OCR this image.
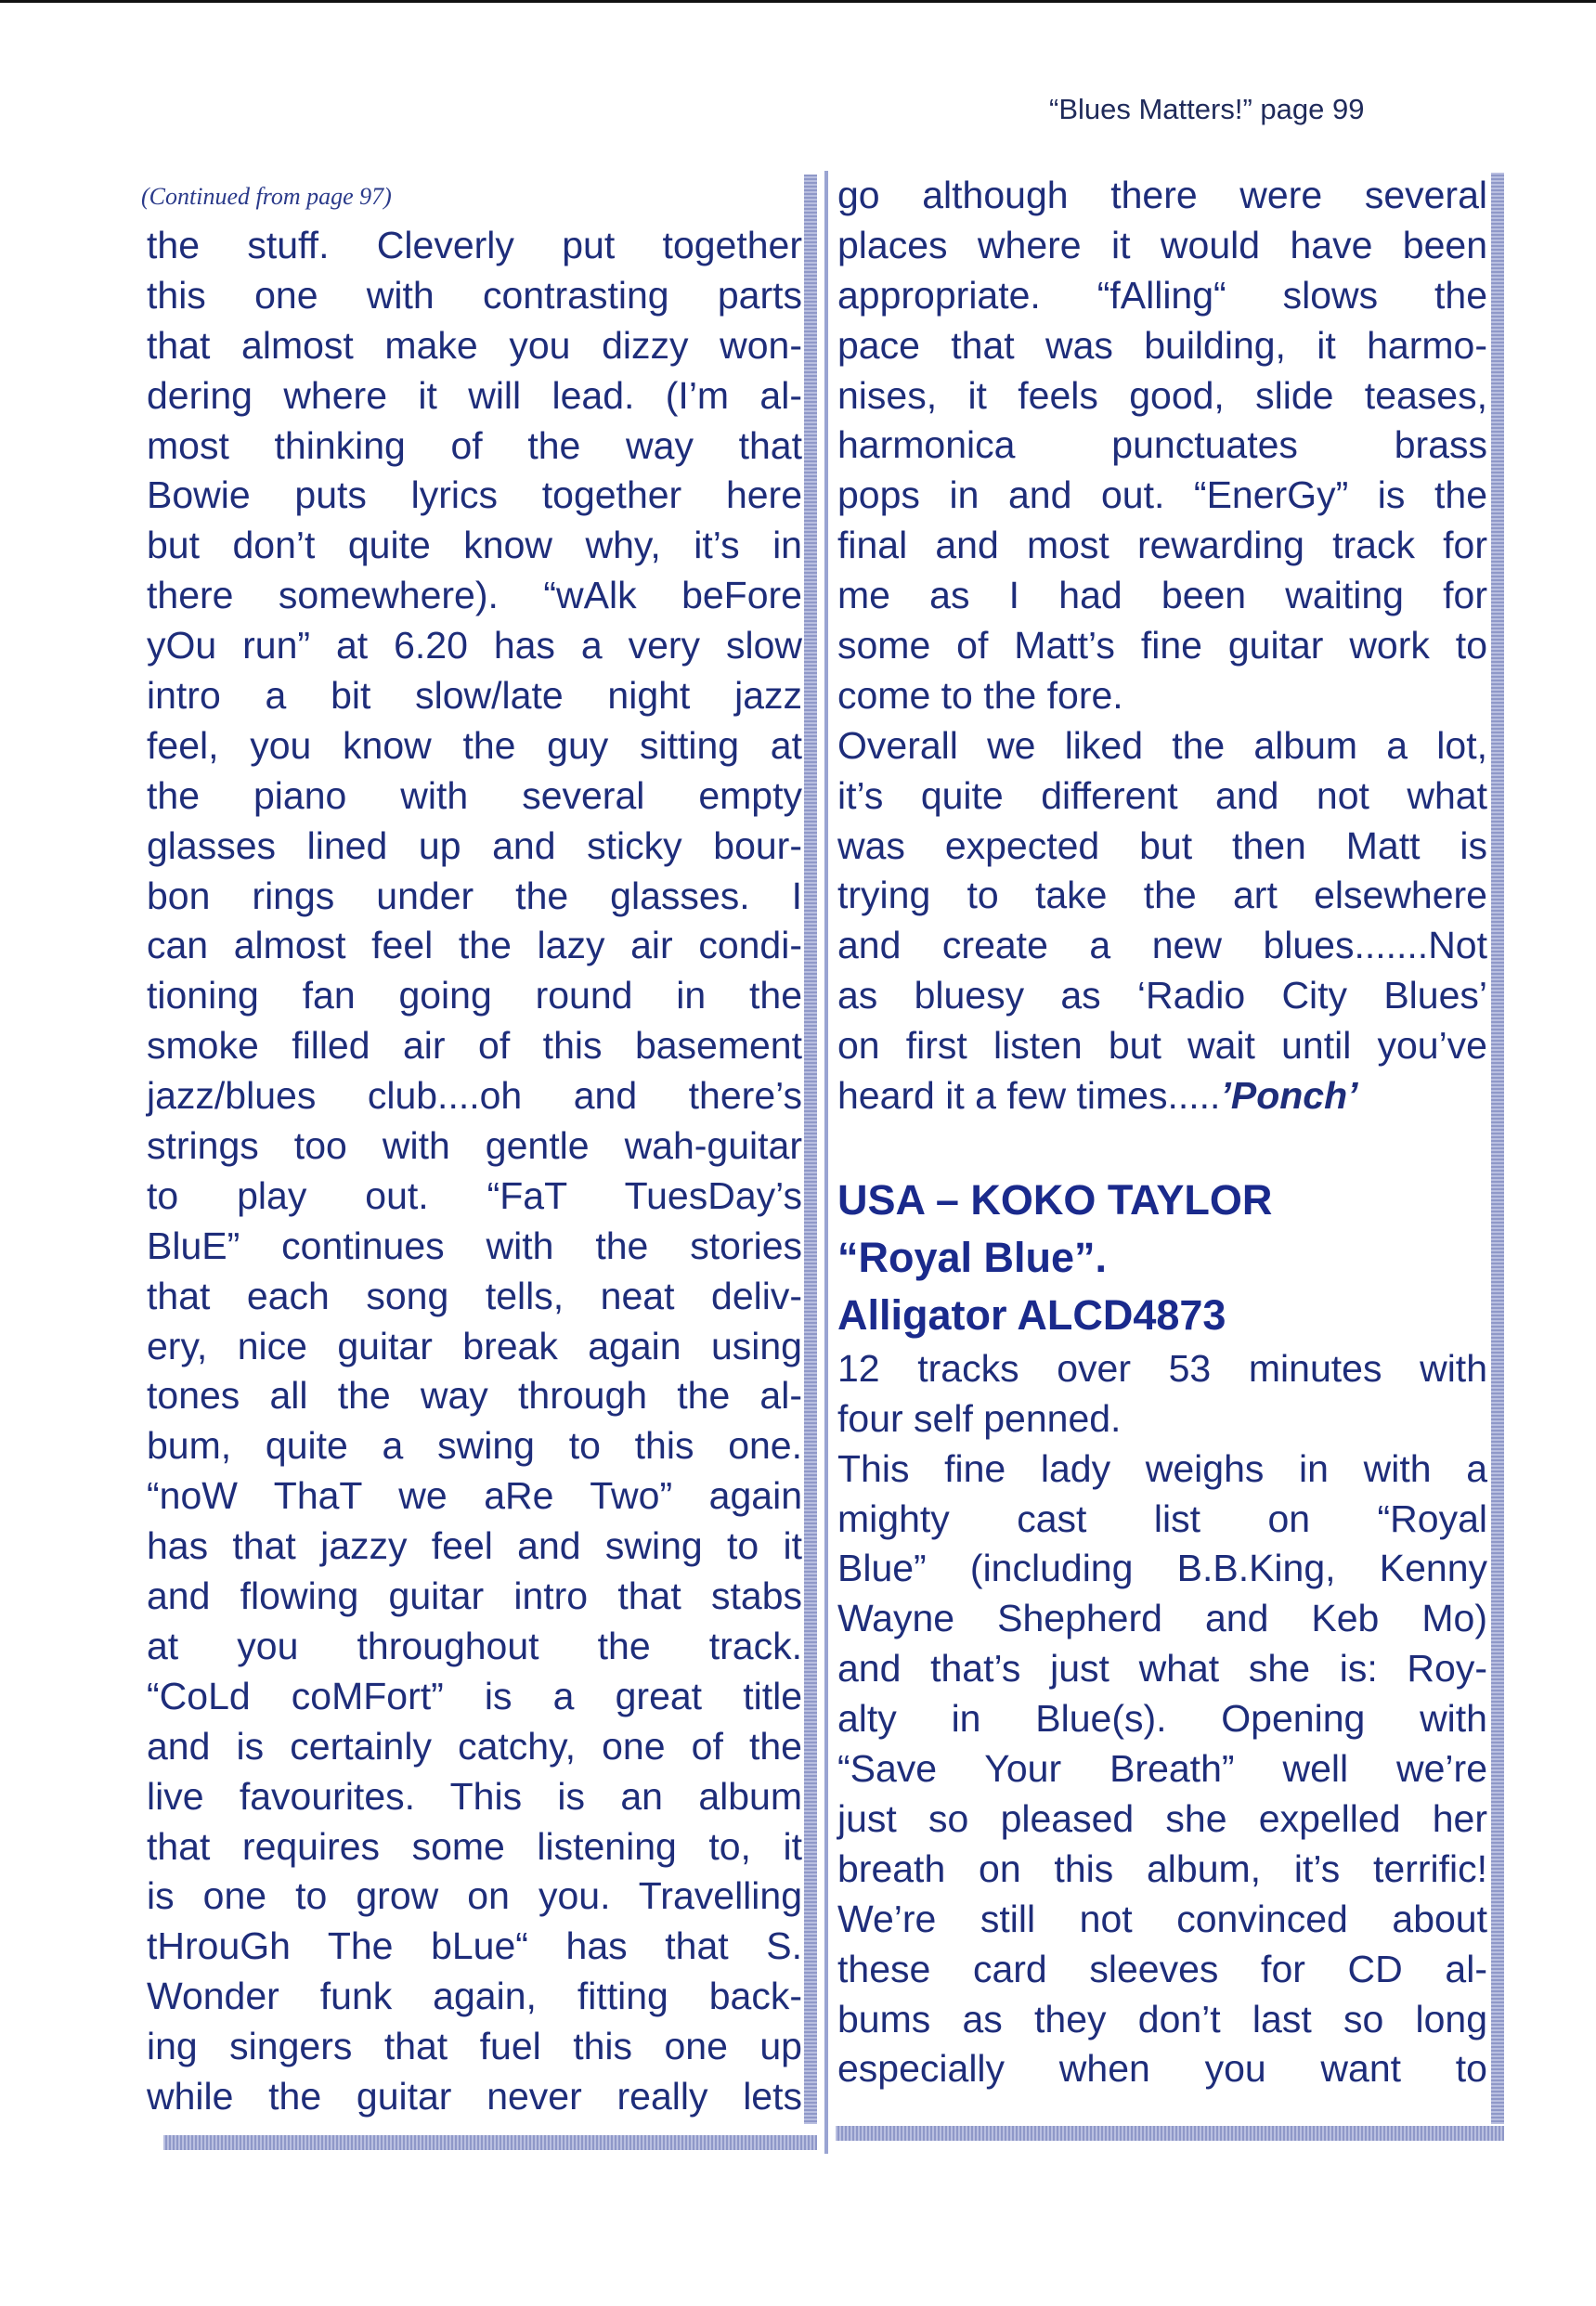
“Blues Matters!” page 99
(Continued from page 97)
the stuff. Cleverly put together
this one with contrasting parts
that almost make you dizzy won-
dering where it will lead. (I’m al-
most thinking of the way that
Bowie puts lyrics together here
but don’t quite know why, it’s in
there somewhere). “wAlk beFore
yOu run” at 6.20 has a very slow
intro a bit slow/late night jazz
feel, you know the guy sitting at
the piano with several empty
glasses lined up and sticky bour-
bon rings under the glasses. I
can almost feel the lazy air condi-
tioning fan going round in the
smoke filled air of this basement
jazz/blues club....oh and there’s
strings too with gentle wah-guitar
to play out. “FaT TuesDay’s
BluE” continues with the stories
that each song tells, neat deliv-
ery, nice guitar break again using
tones all the way through the al-
bum, quite a swing to this one.
“noW ThaT we aRe Two” again
has that jazzy feel and swing to it
and flowing guitar intro that stabs
at you throughout the track.
“CoLd coMFort” is a great title
and is certainly catchy, one of the
live favourites. This is an album
that requires some listening to, it
is one to grow on you. Travelling
tHrouGh The bLue“ has that S.
Wonder funk again, fitting back-
ing singers that fuel this one up
while the guitar never really lets
go although there were several
places where it would have been
appropriate. “fAlling“ slows the
pace that was building, it harmo-
nises, it feels good, slide teases,
harmonica punctuates brass
pops in and out. “EnerGy” is the
final and most rewarding track for
me as I had been waiting for
some of Matt’s fine guitar work to
come to the fore.
Overall we liked the album a lot,
it’s quite different and not what
was expected but then Matt is
trying to take the art elsewhere
and create a new blues.......Not
as bluesy as ‘Radio City Blues’
on first listen but wait until you’ve
heard it a few times.....’Ponch’
USA – KOKO TAYLOR
“Royal Blue”.
Alligator ALCD4873
12 tracks over 53 minutes with
four self penned.
This fine lady weighs in with a
mighty cast list on “Royal
Blue” (including B.B.King, Kenny
Wayne Shepherd and Keb Mo)
and that’s just what she is: Roy-
alty in Blue(s). Opening with
“Save Your Breath” well we’re
just so pleased she expelled her
breath on this album, it’s terrific!
We’re still not convinced about
these card sleeves for CD al-
bums as they don’t last so long
especially when you want to
